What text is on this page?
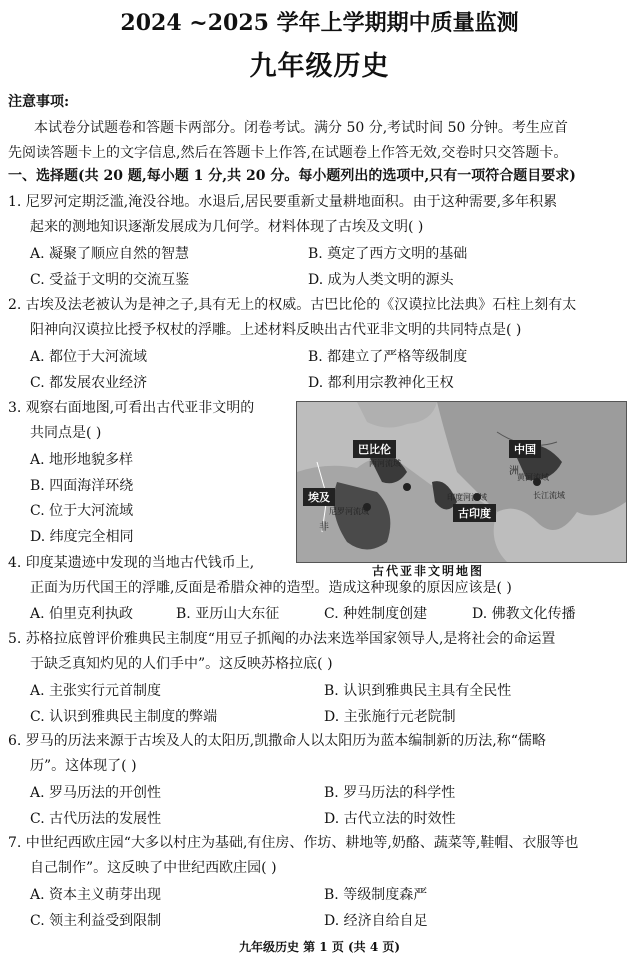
2024 ~2025 学年上学期期中质量监测
九年级历史
注意事项:
本试卷分试题卷和答题卡两部分。闭卷考试。满分 50 分,考试时间 50 分钟。考生应首
先阅读答题卡上的文字信息,然后在答题卡上作答,在试题卷上作答无效,交卷时只交答题卡。
一、选择题(共 20 题,每小题 1 分,共 20 分。每小题列出的选项中,只有一项符合题目要求)
1. 尼罗河定期泛滥,淹没谷地。水退后,居民要重新丈量耕地面积。由于这种需要,多年积累
起来的测地知识逐渐发展成为几何学。材料体现了古埃及文明( )
A. 凝聚了顺应自然的智慧	B. 奠定了西方文明的基础
C. 受益于文明的交流互鉴	D. 成为人类文明的源头
2. 古埃及法老被认为是神之子,具有无上的权威。古巴比伦的《汉谟拉比法典》石柱上刻有太
阳神向汉谟拉比授予权杖的浮雕。上述材料反映出古代亚非文明的共同特点是( )
A. 都位于大河流域	B. 都建立了严格等级制度
C. 都发展农业经济	D. 都利用宗教神化王权
3. 观察右面地图,可看出古代亚非文明的
共同点是( )
A. 地形地貌多样
B. 四面海洋环绕
C. 位于大河流域
D. 纬度完全相同
巴比伦	中国
埃及
古印度
洲
非
黄河流域
长江流域
两河流域
印度河流域
尼罗河流域
古代亚非文明地图
4. 印度某遗迹中发现的当地古代钱币上,
正面为历代国王的浮雕,反面是希腊众神的造型。造成这种现象的原因应该是( )
A. 伯里克利执政	B. 亚历山大东征	C. 种姓制度创建	D. 佛教文化传播
5. 苏格拉底曾评价雅典民主制度“用豆子抓阄的办法来选举国家领导人,是将社会的命运置
于缺乏真知灼见的人们手中”。这反映苏格拉底( )
A. 主张实行元首制度	B. 认识到雅典民主具有全民性
C. 认识到雅典民主制度的弊端	D. 主张施行元老院制
6. 罗马的历法来源于古埃及人的太阳历,凯撒命人以太阳历为蓝本编制新的历法,称“儒略
历”。这体现了( )
A. 罗马历法的开创性	B. 罗马历法的科学性
C. 古代历法的发展性	D. 古代立法的时效性
7. 中世纪西欧庄园“大多以村庄为基础,有住房、作坊、耕地等,奶酪、蔬菜等,鞋帽、衣服等也
自己制作”。这反映了中世纪西欧庄园( )
A. 资本主义萌芽出现	B. 等级制度森严
C. 领主利益受到限制	D. 经济自给自足
九年级历史 第 1 页 (共 4 页)
